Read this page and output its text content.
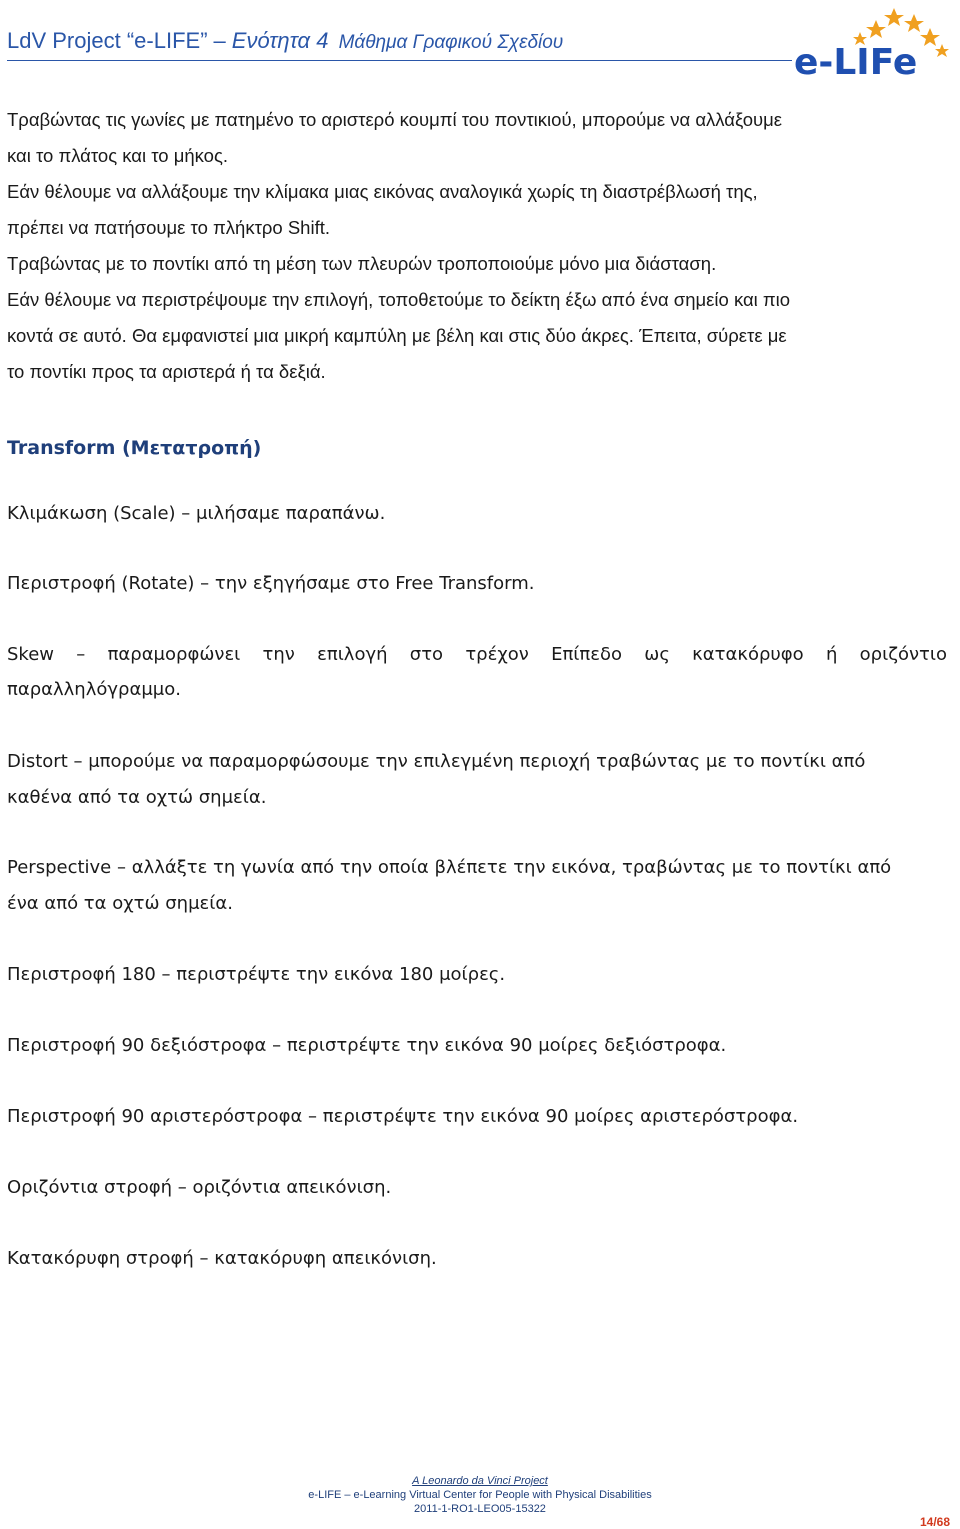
LdV Project “e-LIFE” – Ενότητα 4 Μάθημα Γραφικού Σχεδίου	e-LIFe

Τραβώντας τις γωνίες με πατημένο το αριστερό κουμπί του ποντικιού, μπορούμε να αλλάξουμε

και το πλάτος και το μήκος.

Εάν θέλουμε να αλλάξουμε την κλίμακα μιας εικόνας αναλογικά χωρίς τη διαστρέβλωσή της,

πρέπει να πατήσουμε το πλήκτρο Shift.

Τραβώντας με το ποντίκι από τη μέση των πλευρών τροποποιούμε μόνο μια διάσταση.

Εάν θέλουμε να περιστρέψουμε την επιλογή, τοποθετούμε το δείκτη έξω από ένα σημείο και πιο

κοντά σε αυτό. Θα εμφανιστεί μια μικρή καμπύλη με βέλη και στις δύο άκρες. Έπειτα, σύρετε με

το ποντίκι προς τα αριστερά ή τα δεξιά.

Transform (Μετατροπή)

Κλιμάκωση (Scale) – μιλήσαμε παραπάνω.

Περιστροφή (Rotate) – την εξηγήσαμε στο Free Transform.

Skew – παραμορφώνει την επιλογή στο τρέχον Επίπεδο ως κατακόρυφο ή οριζόντιο

παραλληλόγραμμο.

Distort – μπορούμε να παραμορφώσουμε την επιλεγμένη περιοχή τραβώντας με το ποντίκι από

καθένα από τα οχτώ σημεία.

Perspective – αλλάξτε τη γωνία από την οποία βλέπετε την εικόνα, τραβώντας με το ποντίκι από

ένα από τα οχτώ σημεία.

Περιστροφή 180 – περιστρέψτε την εικόνα 180 μοίρες.

Περιστροφή 90 δεξιόστροφα – περιστρέψτε την εικόνα 90 μοίρες δεξιόστροφα.

Περιστροφή 90 αριστερόστροφα – περιστρέψτε την εικόνα 90 μοίρες αριστερόστροφα.

Οριζόντια στροφή – οριζόντια απεικόνιση.

Κατακόρυφη στροφή – κατακόρυφη απεικόνιση.

A Leonardo da Vinci Project
e-LIFE – e-Learning Virtual Center for People with Physical Disabilities
2011-1-RO1-LEO05-15322
14/68
